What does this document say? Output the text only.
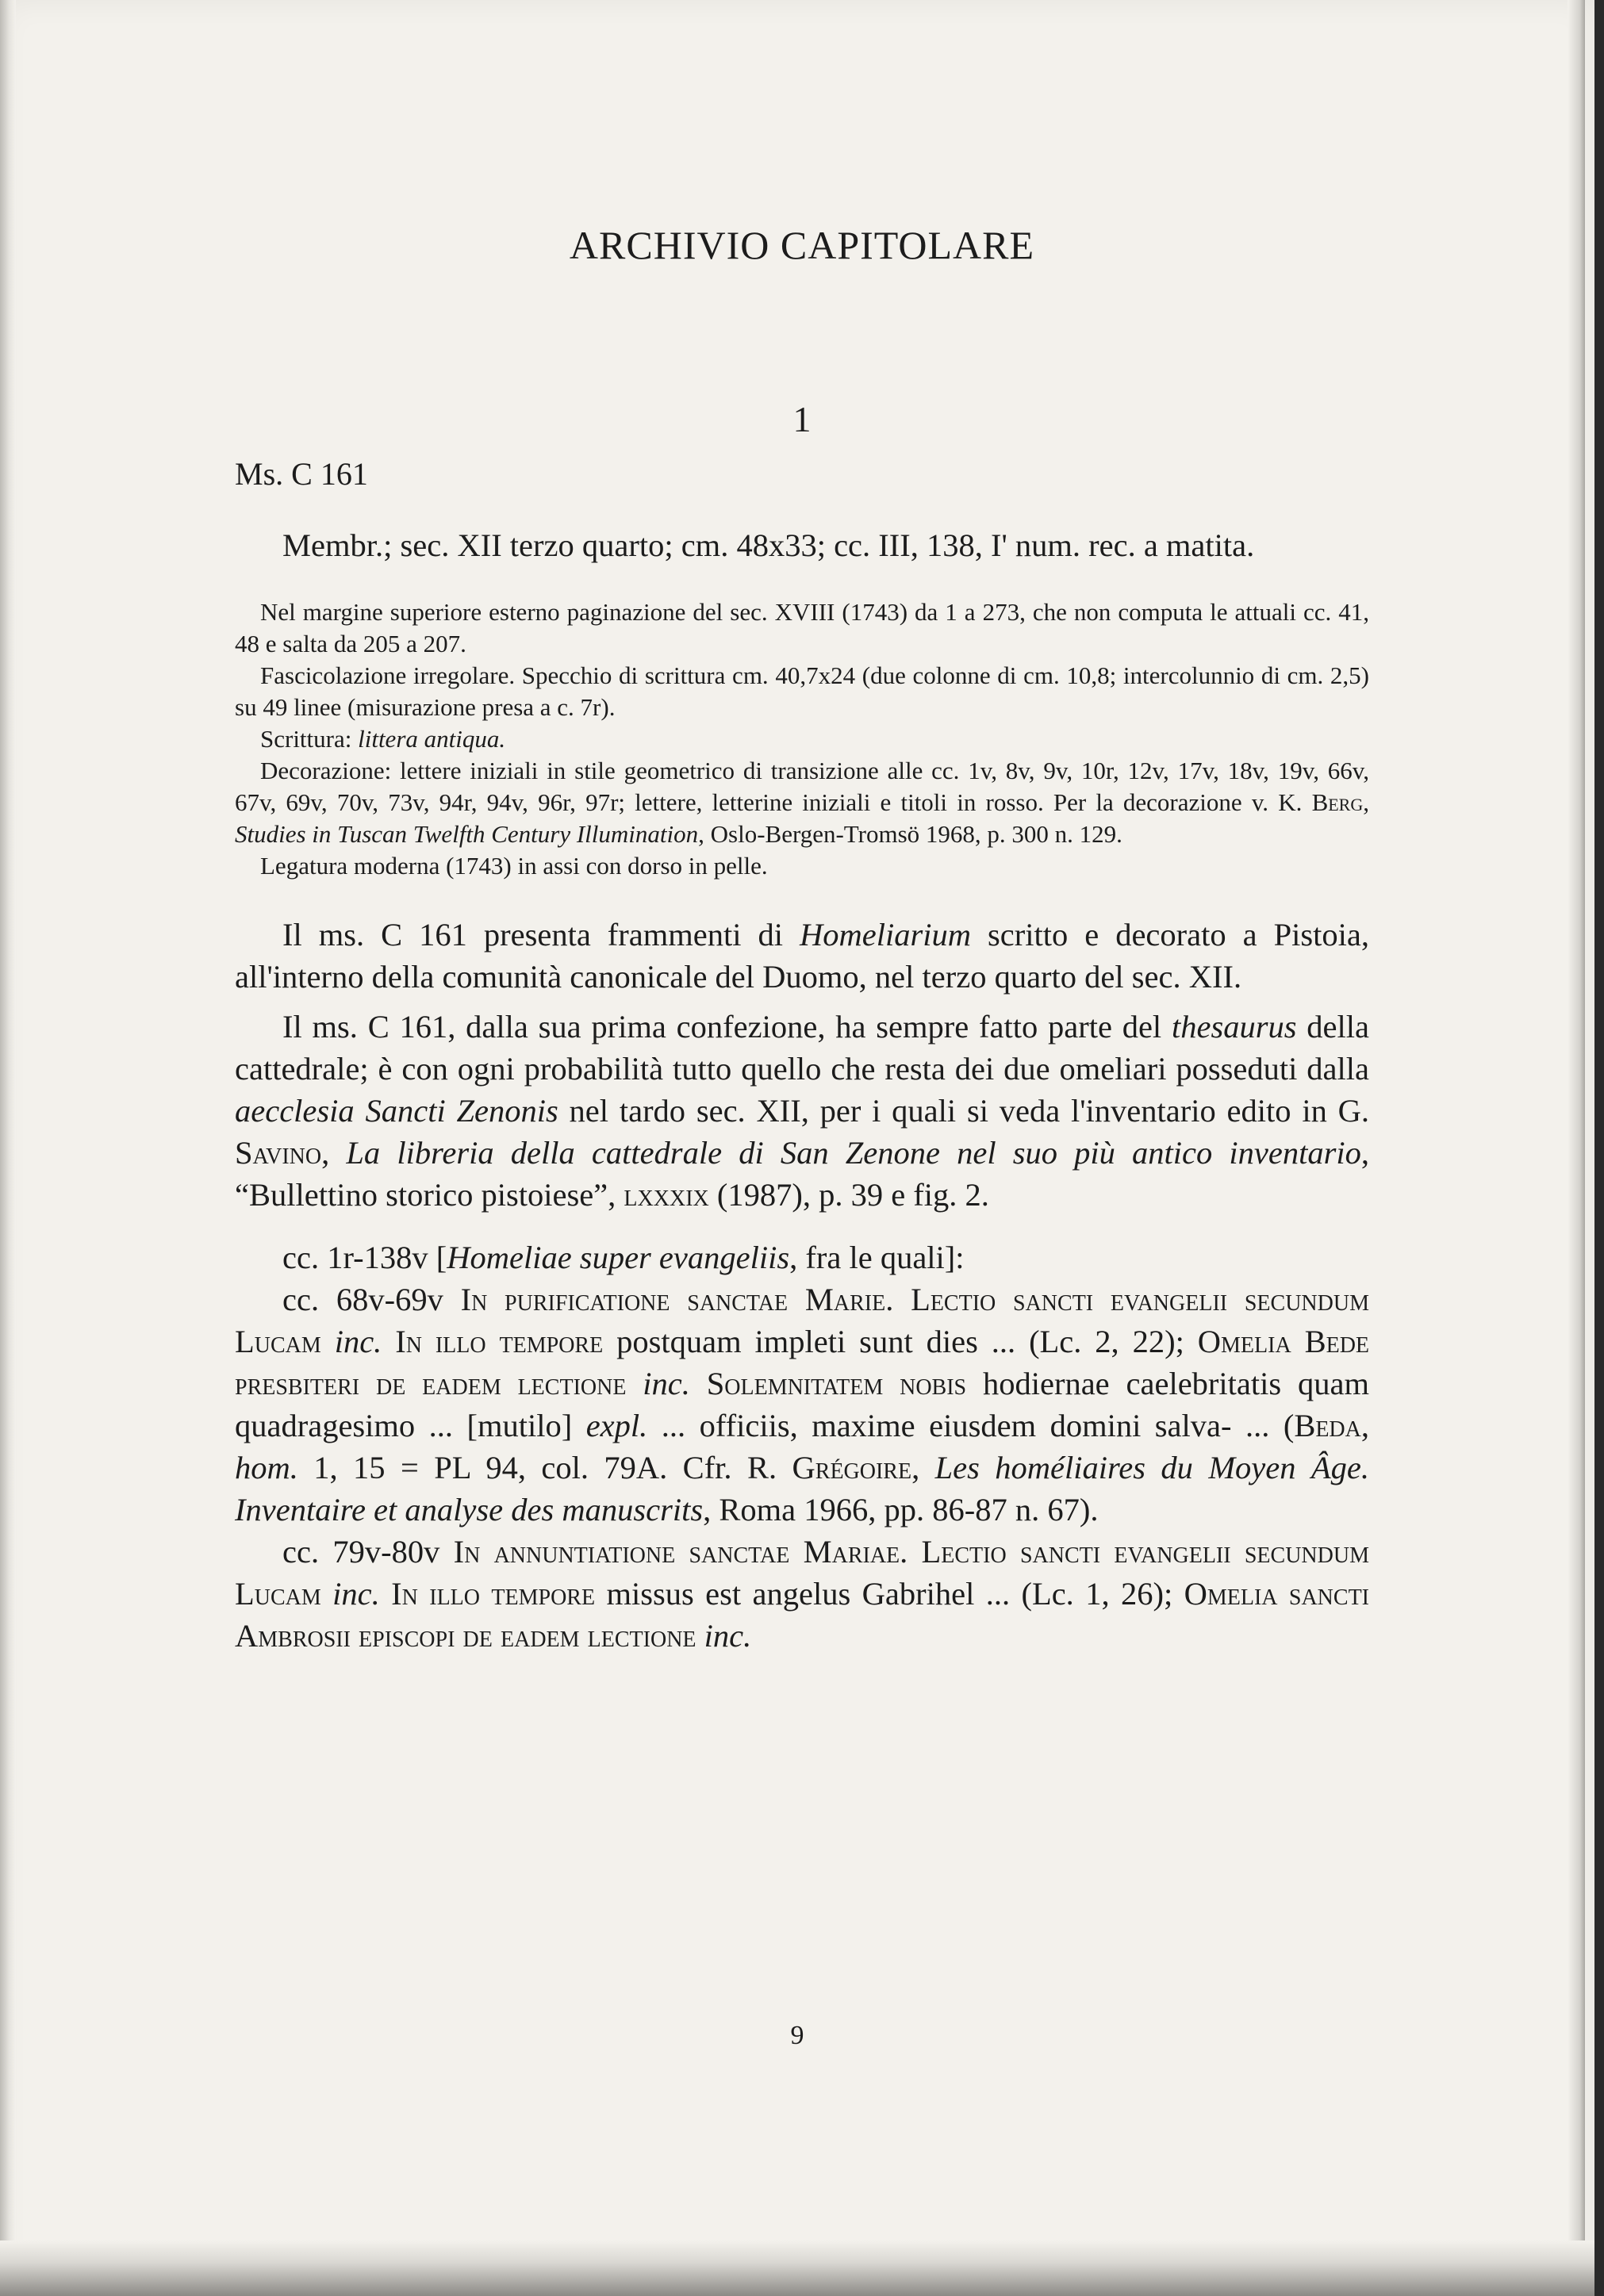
ARCHIVIO CAPITOLARE
1
Ms. C 161

Membr.; sec. XII terzo quarto; cm. 48x33; cc. III, 138, I' num. rec. a matita.

Nel margine superiore esterno paginazione del sec. XVIII (1743) da 1 a 273, che non computa le attuali cc. 41, 48 e salta da 205 a 207.

Fascicolazione irregolare. Specchio di scrittura cm. 40,7x24 (due colonne di cm. 10,8; intercolunnio di cm. 2,5) su 49 linee (misurazione presa a c. 7r).

Scrittura: littera antiqua.

Decorazione: lettere iniziali in stile geometrico di transizione alle cc. 1v, 8v, 9v, 10r, 12v, 17v, 18v, 19v, 66v, 67v, 69v, 70v, 73v, 94r, 94v, 96r, 97r; lettere, letterine iniziali e titoli in rosso. Per la decorazione v. K. Berg, Studies in Tuscan Twelfth Century Illumination, Oslo-Bergen-Tromsö 1968, p. 300 n. 129.

Legatura moderna (1743) in assi con dorso in pelle.

Il ms. C 161 presenta frammenti di Homeliarium scritto e decorato a Pistoia, all'interno della comunità canonicale del Duomo, nel terzo quarto del sec. XII.

Il ms. C 161, dalla sua prima confezione, ha sempre fatto parte del thesaurus della cattedrale; è con ogni probabilità tutto quello che resta dei due omeliari posseduti dalla aecclesia Sancti Zenonis nel tardo sec. XII, per i quali si veda l'inventario edito in G. Savino, La libreria della cattedrale di San Zenone nel suo più antico inventario, “Bullettino storico pistoiese”, lxxxix (1987), p. 39 e fig. 2.

cc. 1r-138v [Homeliae super evangeliis, fra le quali]:

cc. 68v-69v In purificatione sanctae Marie. Lectio sancti evangelii secundum Lucam inc. In illo tempore postquam impleti sunt dies ... (Lc. 2, 22); Omelia Bede presbiteri de eadem lectione inc. Solemnitatem nobis hodiernae caelebritatis quam quadragesimo ... [mutilo] expl. ... officiis, maxime eiusdem domini salva- ... (Beda, hom. 1, 15 = PL 94, col. 79A. Cfr. R. Grégoire, Les homéliaires du Moyen Âge. Inventaire et analyse des manuscrits, Roma 1966, pp. 86-87 n. 67).

cc. 79v-80v In annuntiatione sanctae Mariae. Lectio sancti evangelii secundum Lucam inc. In illo tempore missus est angelus Gabrihel ... (Lc. 1, 26); Omelia sancti Ambrosii episcopi de eadem lectione inc.

9
